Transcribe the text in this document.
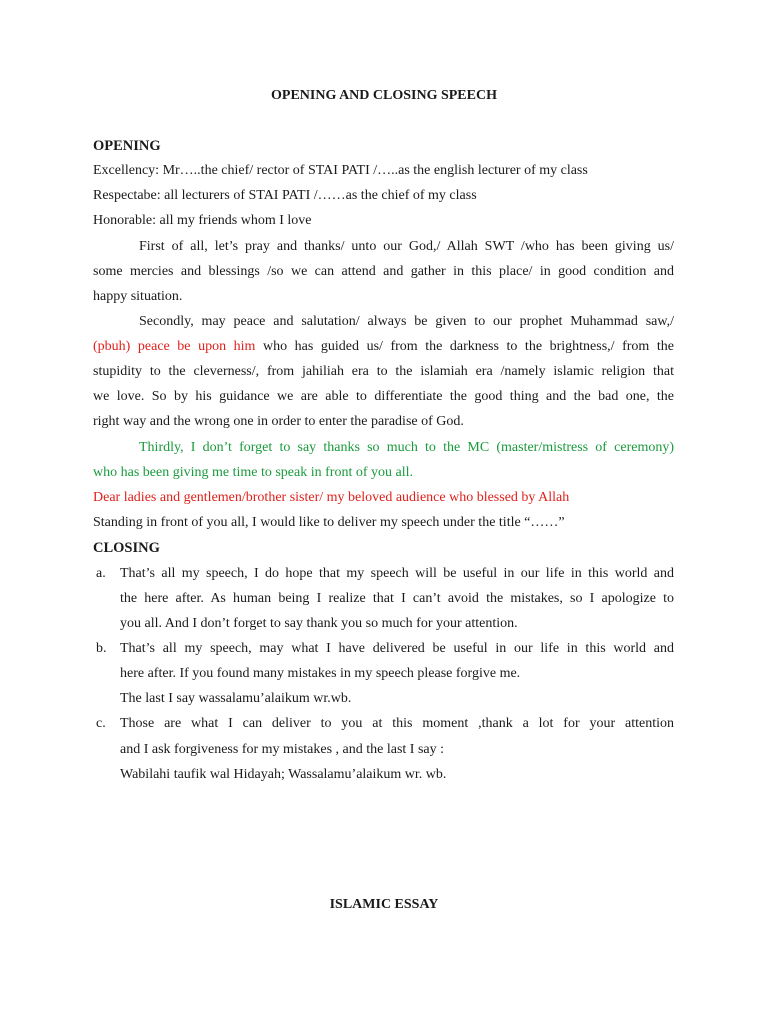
OPENING AND CLOSING SPEECH
OPENING
Excellency: Mr…..the chief/ rector of STAI PATI /…..as the english lecturer of my class
Respectabe: all lecturers of STAI PATI /……as the chief of my class
Honorable: all my friends whom I love
First of all, let’s pray and thanks/ unto our God,/ Allah SWT /who has been giving us/
some mercies and blessings /so we can attend and gather in this place/ in good condition and
happy situation.
Secondly, may peace and salutation/ always be given to our prophet Muhammad saw,/
(pbuh) peace be upon him who has guided us/ from the darkness to the brightness,/ from the
stupidity to the cleverness/, from jahiliah era to the islamiah era /namely islamic religion that
we love. So by his guidance we are able to differentiate the good thing and the bad one, the
right way and the wrong one in order to enter the paradise of God.
Thirdly, I don’t forget to say thanks so much to the MC (master/mistress of ceremony)
who has been giving me time to speak in front of you all.
Dear ladies and gentlemen/brother sister/ my beloved audience who blessed by Allah
Standing in front of you all, I would like to deliver my speech under the title “……”
CLOSING
a. That’s all my speech, I do hope that my speech will be useful in our life in this world and
the here after. As human being I realize that I can’t avoid the mistakes, so I apologize to
you all. And I don’t forget to say thank you so much for your attention.
b. That’s all my speech, may what I have delivered be useful in our life in this world and
here after. If you found many mistakes in my speech please forgive me.
The last I say wassalamu’alaikum wr.wb.
c. Those are what I can deliver to you at this moment ,thank a lot for your attention
and I ask forgiveness for my mistakes , and the last I say :
Wabilahi taufik wal Hidayah; Wassalamu’alaikum wr. wb.
ISLAMIC ESSAY
